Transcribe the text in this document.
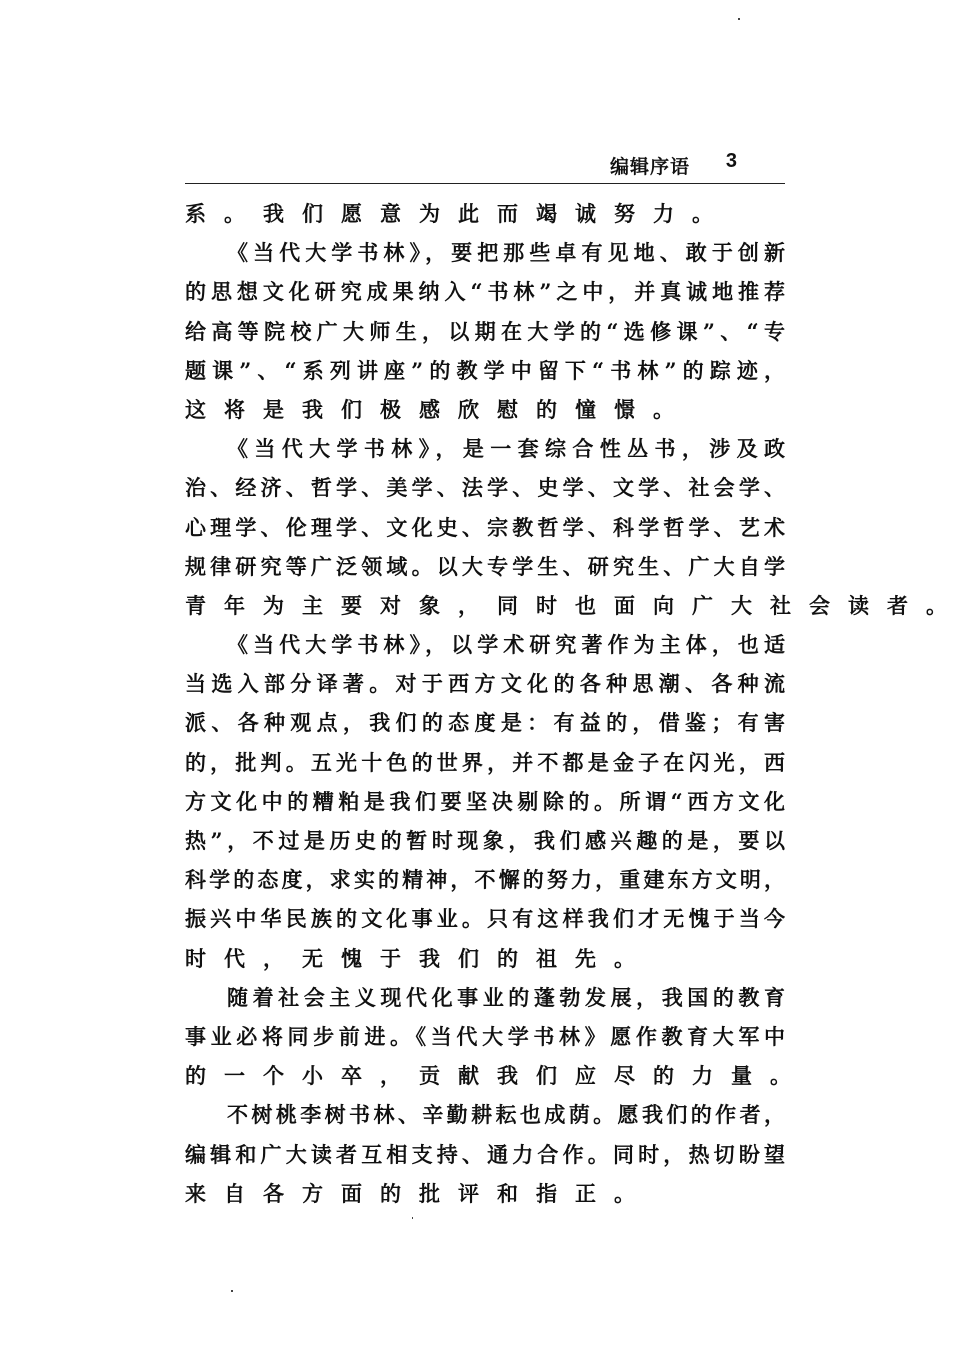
编辑序语 3
系。我们愿意为此而竭诚努力。
《当代大学书林》，要把那些卓有见地、敢于创新
的思想文化研究成果纳入“书林”之中，并真诚地推荐
给高等院校广大师生，以期在大学的“选修课”、“专
题课”、“系列讲座”的教学中留下“书林”的踪迹，
这将是我们极感欣慰的憧憬。
《当代大学书林》，是一套综合性丛书，涉及政
治、经济、哲学、美学、法学、史学、文学、社会学、
心理学、伦理学、文化史、宗教哲学、科学哲学、艺术
规律研究等广泛领域。以大专学生、研究生、广大自学
青年为主要对象，同时也面向广大社会读者。
《当代大学书林》，以学术研究著作为主体，也适
当选入部分译著。对于西方文化的各种思潮、各种流
派、各种观点，我们的态度是：有益的，借鉴；有害
的，批判。五光十色的世界，并不都是金子在闪光，西
方文化中的糟粕是我们要坚决剔除的。所谓“西方文化
热”，不过是历史的暂时现象，我们感兴趣的是，要以
科学的态度，求实的精神，不懈的努力，重建东方文明，
振兴中华民族的文化事业。只有这样我们才无愧于当今
时代，无愧于我们的祖先。
随着社会主义现代化事业的蓬勃发展，我国的教育
事业必将同步前进。《当代大学书林》愿作教育大军中
的一个小卒，贡献我们应尽的力量。
不树桃李树书林、辛勤耕耘也成荫。愿我们的作者，
编辑和广大读者互相支持、通力合作。同时，热切盼望
来自各方面的批评和指正。
